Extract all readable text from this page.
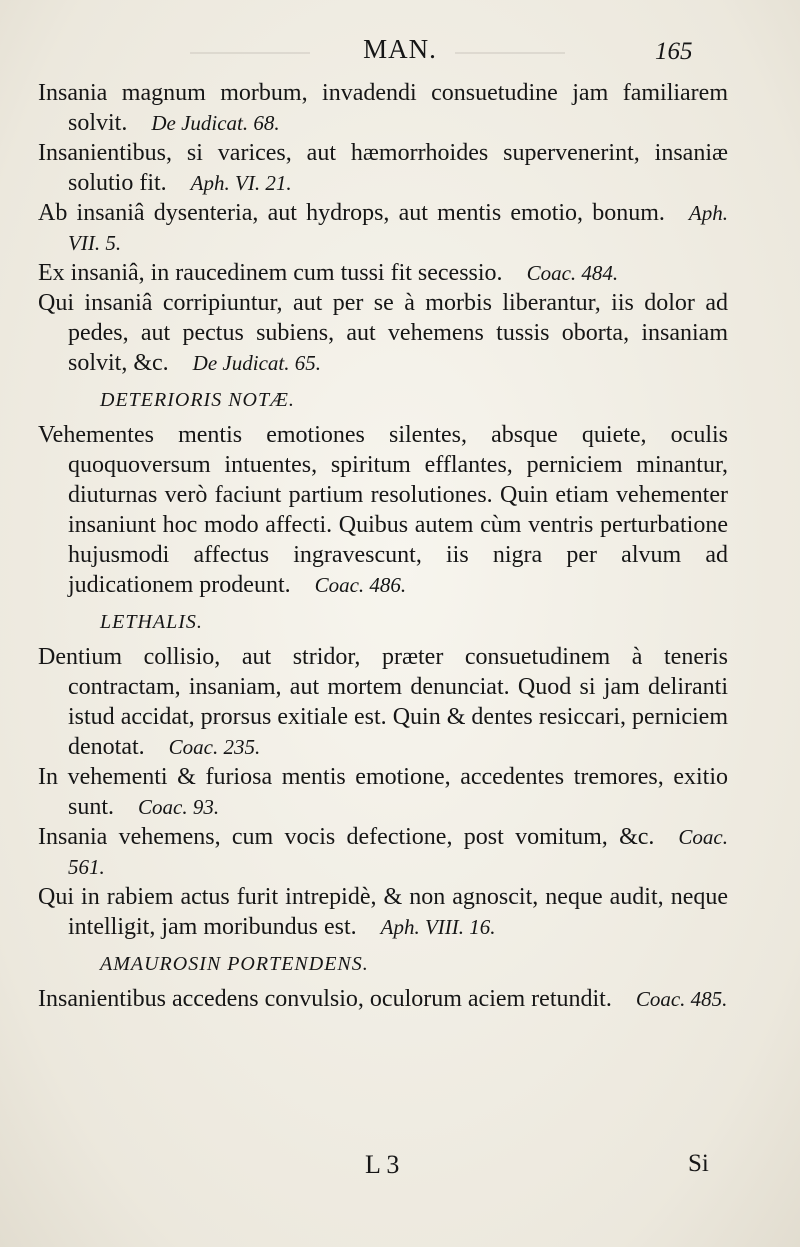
MAN.	165

Insania magnum morbum, invadendi consuetudine jam familiarem solvit.  De Judicat. 68.

Insanientibus, si varices, aut hæmorrhoides supervenerint, insaniæ solutio fit.  Aph. VI. 21.

Ab insaniâ dysenteria, aut hydrops, aut mentis emotio, bonum.  Aph. VII. 5.

Ex insaniâ, in raucedinem cum tussi fit secessio.  Coac. 484.

Qui insaniâ corripiuntur, aut per se à morbis liberantur, iis dolor ad pedes, aut pectus subiens, aut vehemens tussis oborta, insaniam solvit, &c.  De Judicat. 65.

DETERIORIS NOTÆ.

Vehementes mentis emotiones silentes, absque quiete, oculis quoquoversum intuentes, spiritum efflantes, perniciem minantur, diuturnas verò faciunt partium resolutiones. Quin etiam vehementer insaniunt hoc modo affecti. Quibus autem cùm ventris perturbatione hujusmodi affectus ingravescunt, iis nigra per alvum ad judicationem prodeunt.  Coac. 486.

LETHALIS.

Dentium collisio, aut stridor, præter consuetudinem à teneris contractam, insaniam, aut mortem denunciat. Quod si jam deliranti istud accidat, prorsus exitiale est. Quin & dentes resiccari, perniciem denotat.  Coac. 235.

In vehementi & furiosa mentis emotione, accedentes tremores, exitio sunt.  Coac. 93.

Insania vehemens, cum vocis defectione, post vomitum, &c.  Coac. 561.

Qui in rabiem actus furit intrepidè, & non agnoscit, neque audit, neque intelligit, jam moribundus est.  Aph. VIII. 16.

AMAUROSIN PORTENDENS.

Insanientibus accedens convulsio, oculorum aciem retundit.  Coac. 485.

L 3	Si
